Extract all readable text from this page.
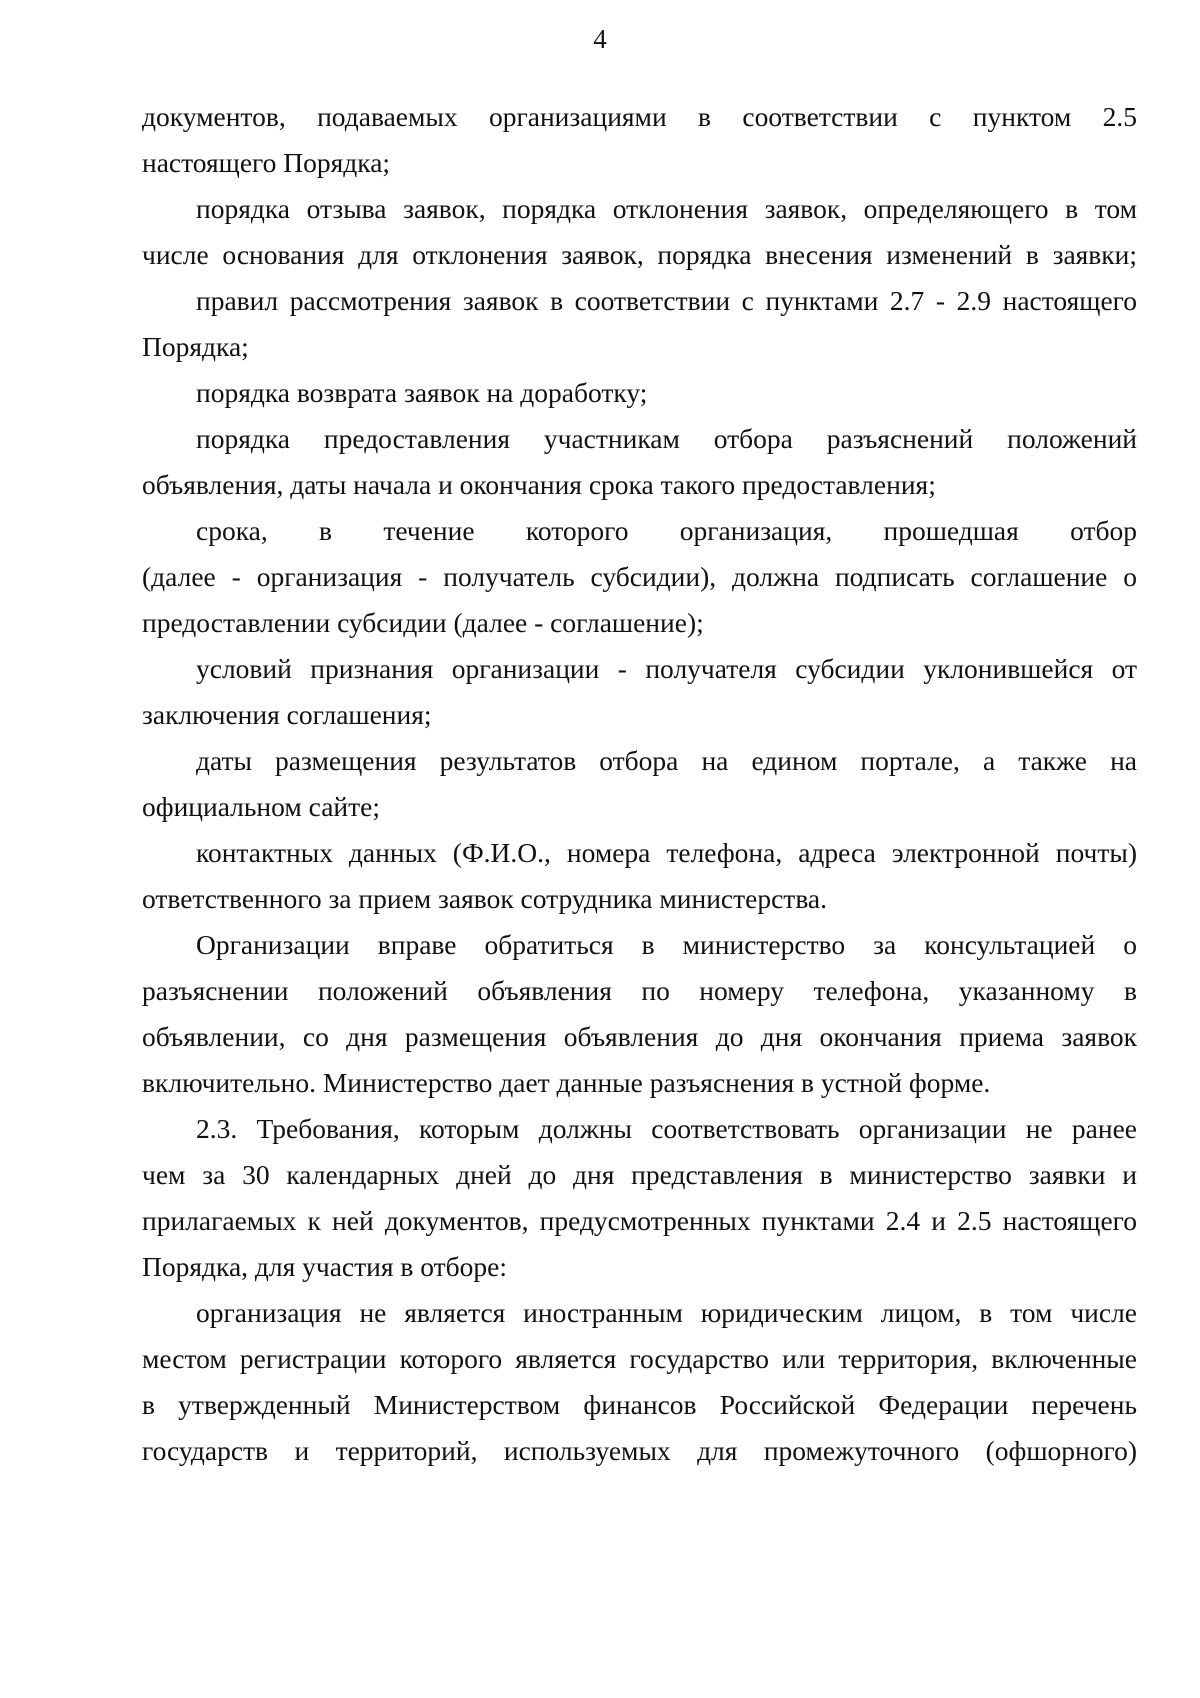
4
документов, подаваемых организациями в соответствии с пунктом 2.5
настоящего Порядка;
порядка отзыва заявок, порядка отклонения заявок, определяющего в том
числе основания для отклонения заявок, порядка внесения изменений в заявки;
правил рассмотрения заявок в соответствии с пунктами 2.7 - 2.9 настоящего
Порядка;
порядка возврата заявок на доработку;
порядка предоставления участникам отбора разъяснений положений
объявления, даты начала и окончания срока такого предоставления;
срока, в течение которого организация, прошедшая отбор
(далее - организация - получатель субсидии), должна подписать соглашение о
предоставлении субсидии (далее - соглашение);
условий признания организации - получателя субсидии уклонившейся от
заключения соглашения;
даты размещения результатов отбора на едином портале, а также на
официальном сайте;
контактных данных (Ф.И.О., номера телефона, адреса электронной почты)
ответственного за прием заявок сотрудника министерства.
Организации вправе обратиться в министерство за консультацией о
разъяснении положений объявления по номеру телефона, указанному в
объявлении, со дня размещения объявления до дня окончания приема заявок
включительно. Министерство дает данные разъяснения в устной форме.
2.3. Требования, которым должны соответствовать организации не ранее
чем за 30 календарных дней до дня представления в министерство заявки и
прилагаемых к ней документов, предусмотренных пунктами 2.4 и 2.5 настоящего
Порядка, для участия в отборе:
организация не является иностранным юридическим лицом, в том числе
местом регистрации которого является государство или территория, включенные
в утвержденный Министерством финансов Российской Федерации перечень
государств и территорий, используемых для промежуточного (офшорного)
